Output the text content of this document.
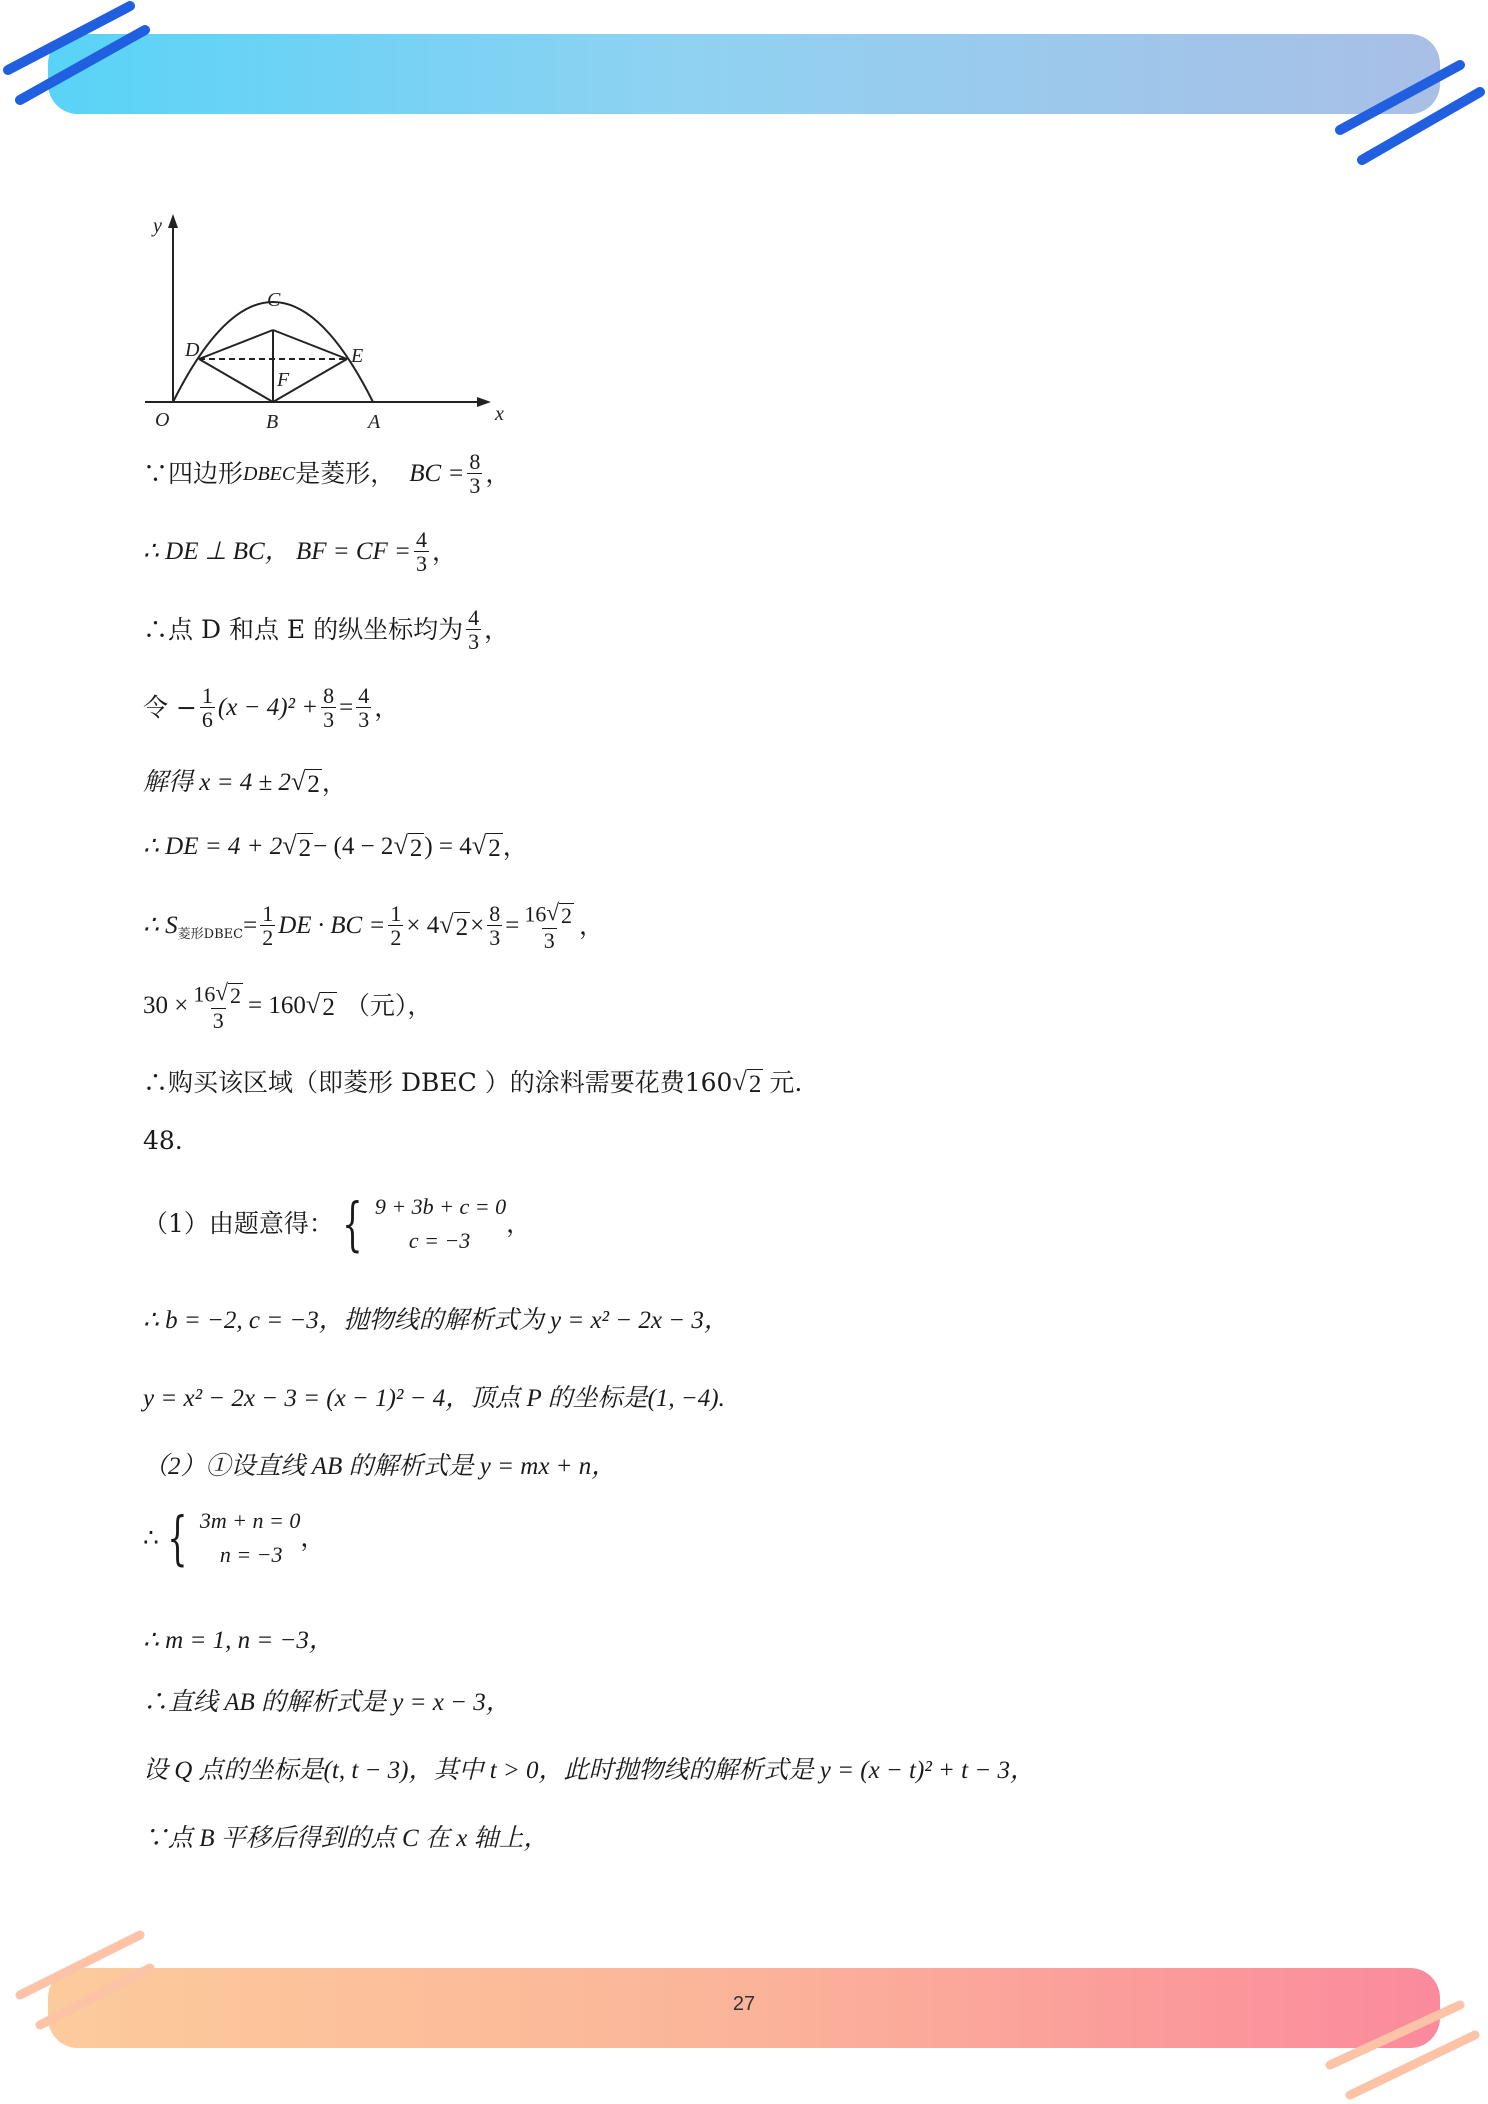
y
x
O	B	A
C
D	E
F
∵四边形 DBEC 是菱形， BC = $\frac{8}{3}$ ，
∴ DE ⊥ BC， BF = CF = $\frac{4}{3}$ ，
∴点 D 和点 E 的纵坐标均为 $\frac{4}{3}$ ，
令 − $\frac{1}{6} (x - 4)^2 + \frac{8}{3} = \frac{4}{3}$ ，
解得 x = 4 ± 2 √ 2 ，
∴ DE = 4 + 2 √ 2 − (4 − 2 √ 2 ) = 4 √ 2 ，
∴ S 菱形DBEC = $\frac{1}{2}$ DE · BC = $\frac{1}{2} \times 4$ √ $2 \times \frac{8}{3} = \frac{16 √ 2}{3}$ ，
$30 \times \frac{16 √ 2}{3} = 160$ √ 2 （元），
∴购买该区域（即菱形 DBEC ）的涂料需要花费160 √ 2 元.
48.
（1）由题意得： { 9 + 3b + c = 0
c = −3
，
∴ b = −2, c = −3，抛物线的解析式为 y = x² − 2x − 3，
y = x² − 2x − 3 = (x − 1)² − 4，顶点 P 的坐标是(1, −4).
（2）①设直线 AB 的解析式是 y = mx + n，
∴ { 3m + n = 0
n = −3
，
∴ m = 1, n = −3，
∴直线 AB 的解析式是 y = x − 3，
设 Q 点的坐标是(t, t − 3)，其中 t > 0，此时抛物线的解析式是 y = (x − t)² + t − 3，
∵点 B 平移后得到的点 C 在 x 轴上，
27
